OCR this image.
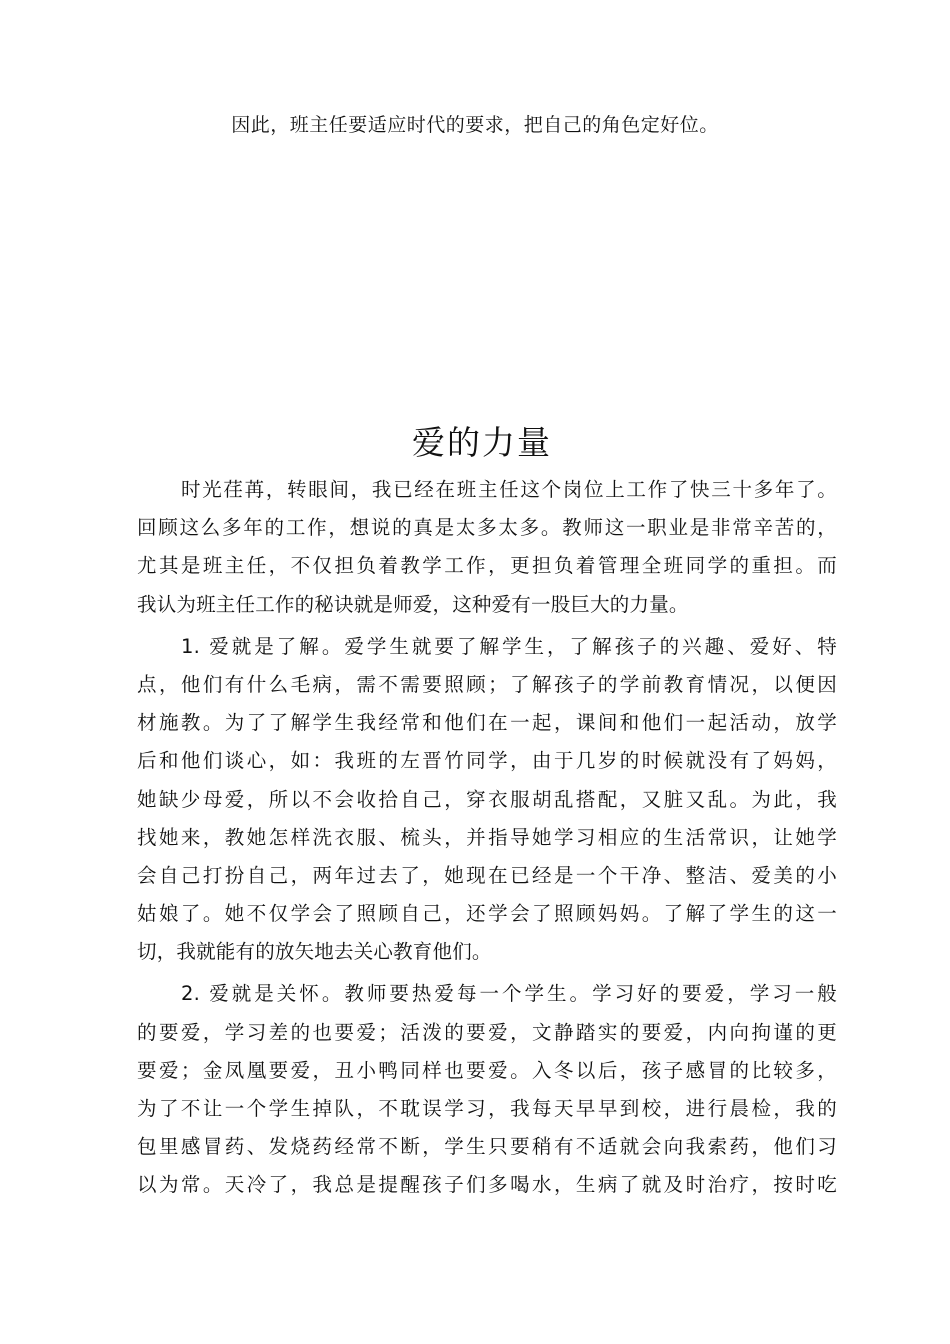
因此，班主任要适应时代的要求，把自己的角色定好位。
爱的力量
时光荏苒，转眼间，我已经在班主任这个岗位上工作了快三十多年了。
回顾这么多年的工作，想说的真是太多太多。教师这一职业是非常辛苦的，
尤其是班主任，不仅担负着教学工作，更担负着管理全班同学的重担。而
我认为班主任工作的秘诀就是师爱，这种爱有一股巨大的力量。
1. 爱就是了解。爱学生就要了解学生，了解孩子的兴趣、爱好、特
点，他们有什么毛病，需不需要照顾；了解孩子的学前教育情况，以便因
材施教。为了了解学生我经常和他们在一起，课间和他们一起活动，放学
后和他们谈心，如：我班的左晋竹同学，由于几岁的时候就没有了妈妈，
她缺少母爱，所以不会收拾自己，穿衣服胡乱搭配，又脏又乱。为此，我
找她来，教她怎样洗衣服、梳头，并指导她学习相应的生活常识，让她学
会自己打扮自己，两年过去了，她现在已经是一个干净、整洁、爱美的小
姑娘了。她不仅学会了照顾自己，还学会了照顾妈妈。了解了学生的这一
切，我就能有的放矢地去关心教育他们。
2. 爱就是关怀。教师要热爱每一个学生。学习好的要爱，学习一般
的要爱，学习差的也要爱；活泼的要爱，文静踏实的要爱，内向拘谨的更
要爱；金凤凰要爱，丑小鸭同样也要爱。入冬以后，孩子感冒的比较多，
为了不让一个学生掉队，不耽误学习，我每天早早到校，进行晨检，我的
包里感冒药、发烧药经常不断，学生只要稍有不适就会向我索药，他们习
以为常。天冷了，我总是提醒孩子们多喝水，生病了就及时治疗，按时吃
